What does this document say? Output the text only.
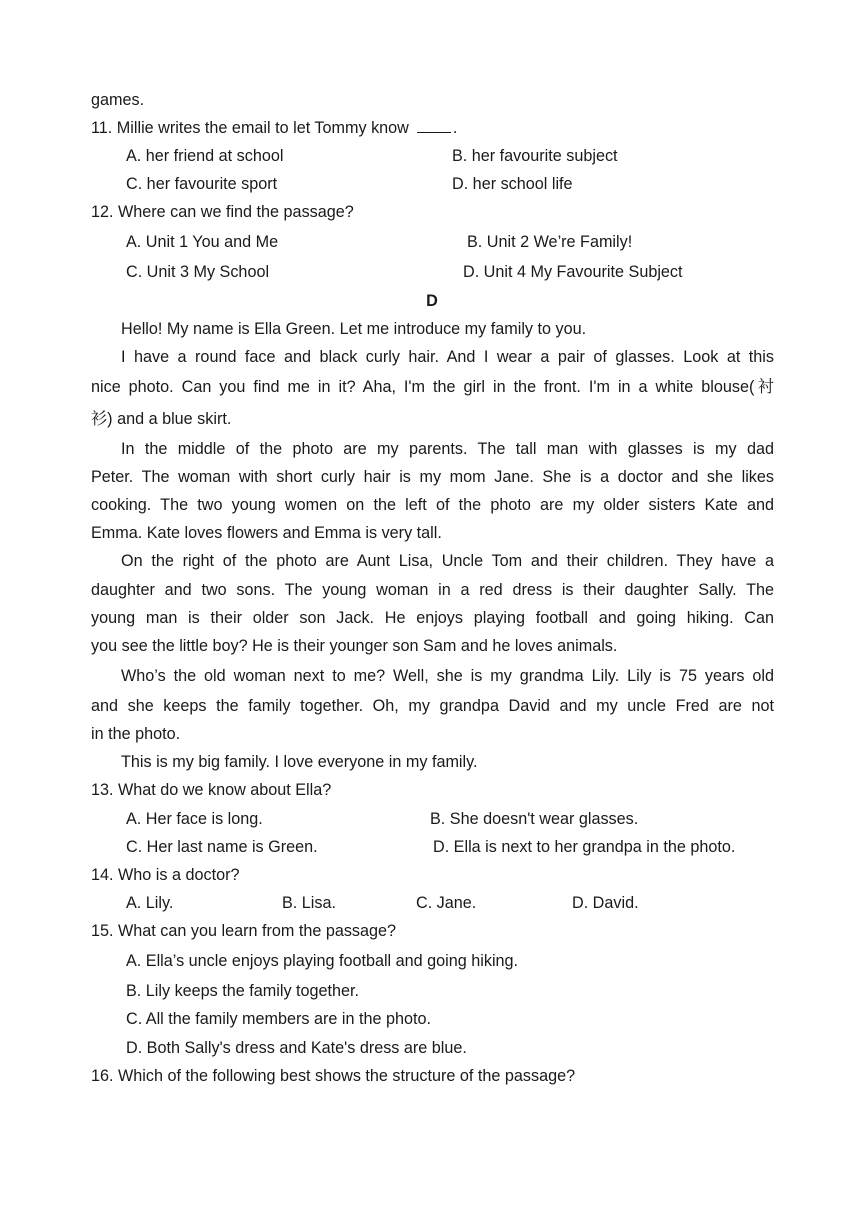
games.
11. Millie writes the email to let Tommy know	.
A. her friend at school	B. her favourite subject
C. her favourite sport	D. her school life
12. Where can we find the passage?
A. Unit 1 You and Me	B. Unit 2 We’re Family!
C. Unit 3 My School	D. Unit 4 My Favourite Subject
D
Hello! My name is Ella Green. Let me introduce my family to you.
I have a round face and black curly hair. And I wear a pair of glasses. Look at this
nice photo. Can you find me in it? Aha, I'm the girl in the front. I'm in a white blouse(衬
衫) and a blue skirt.
In the middle of the photo are my parents. The tall man with glasses is my dad
Peter. The woman with short curly hair is my mom Jane. She is a doctor and she likes
cooking. The two young women on the left of the photo are my older sisters Kate and
Emma. Kate loves flowers and Emma is very tall.
On the right of the photo are Aunt Lisa, Uncle Tom and their children. They have a
daughter and two sons. The young woman in a red dress is their daughter Sally. The
young man is their older son Jack. He enjoys playing football and going hiking. Can
you see the little boy? He is their younger son Sam and he loves animals.
Who’s the old woman next to me? Well, she is my grandma Lily. Lily is 75 years old
and she keeps the family together. Oh, my grandpa David and my uncle Fred are not
in the photo.
This is my big family. I love everyone in my family.
13. What do we know about Ella?
A. Her face is long.	B. She doesn't wear glasses.
C. Her last name is Green.	D. Ella is next to her grandpa in the photo.
14. Who is a doctor?
A. Lily.	B. Lisa.	C. Jane.	D. David.
15. What can you learn from the passage?
A. Ella’s uncle enjoys playing football and going hiking.
B. Lily keeps the family together.
C. All the family members are in the photo.
D. Both Sally's dress and Kate's dress are blue.
16. Which of the following best shows the structure of the passage?
